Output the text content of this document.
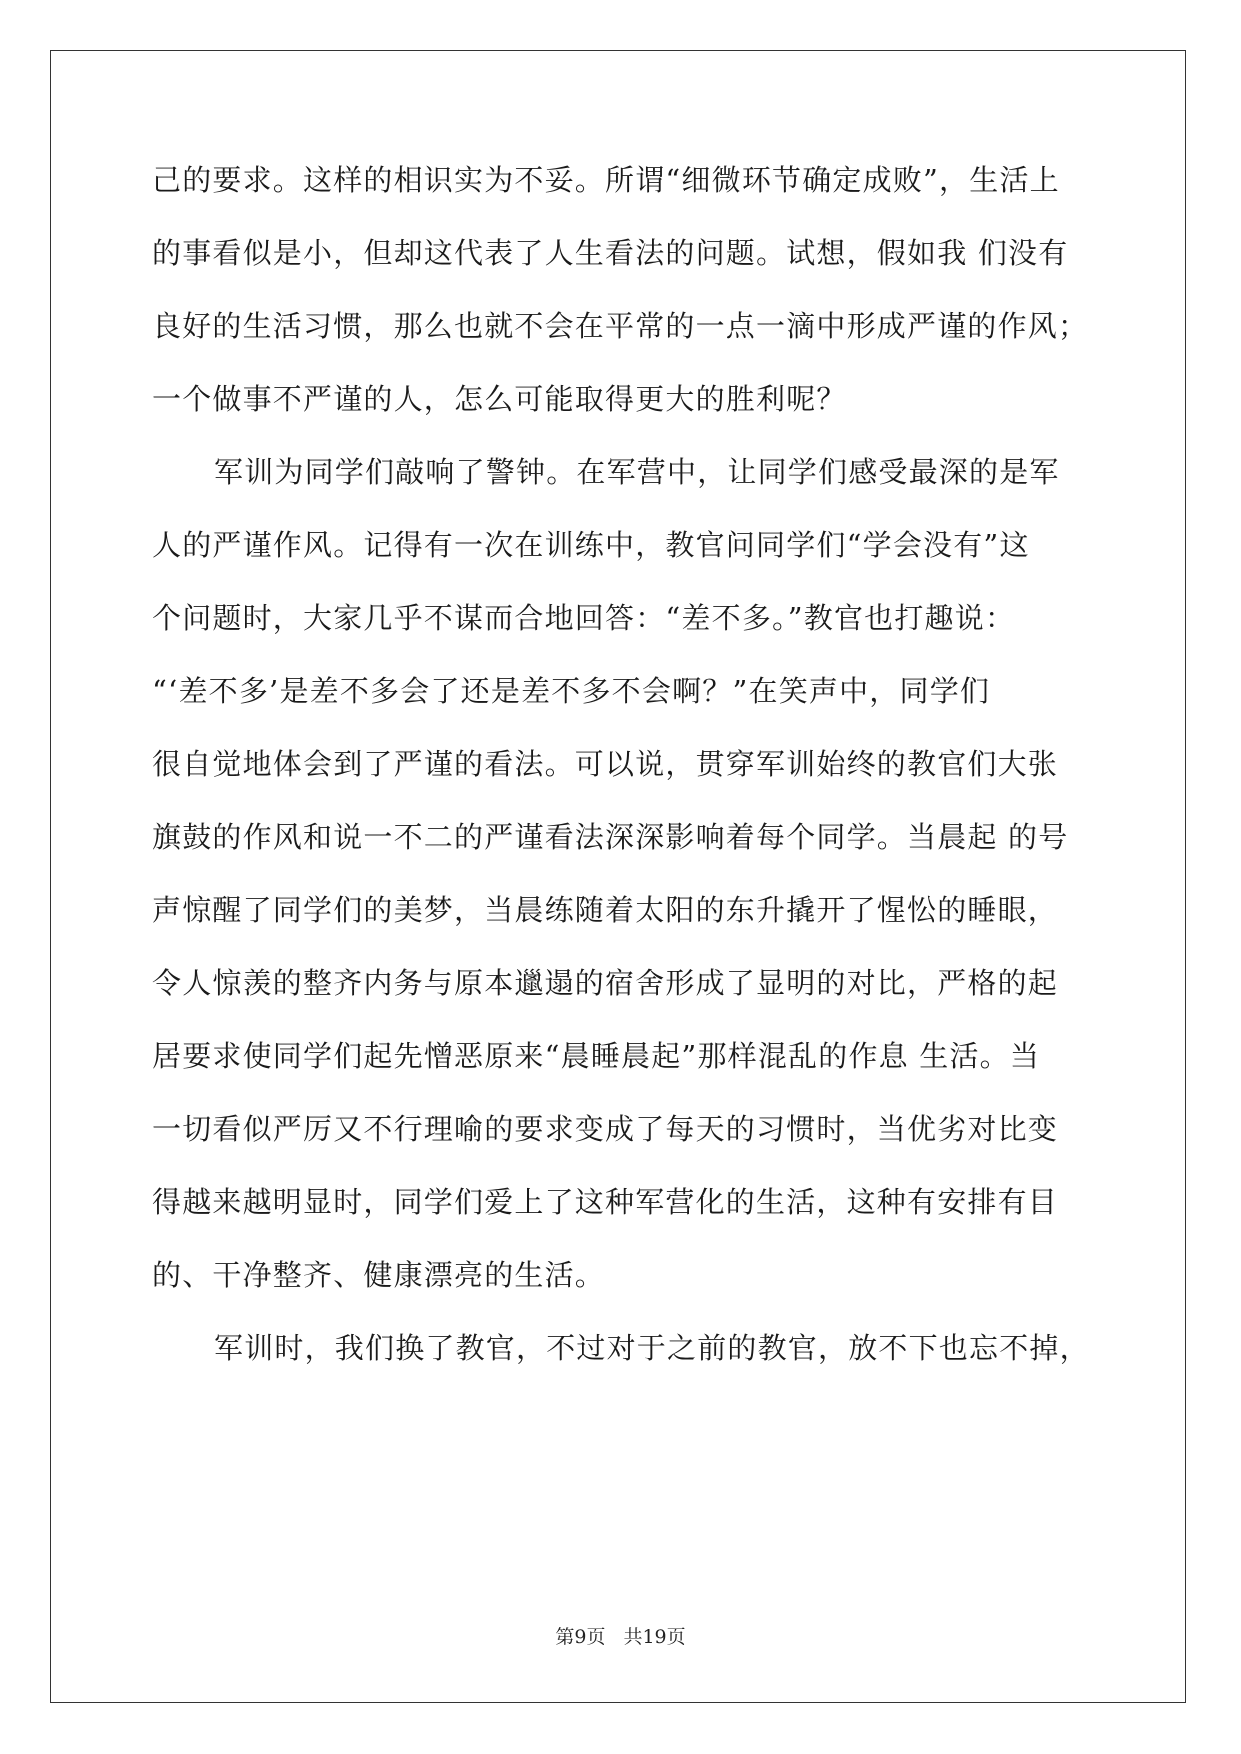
己的要求。这样的相识实为不妥。所谓“细微环节确定成败”，生活上
的事看似是小，但却这代表了人生看法的问题。试想，假如我 们没有
良好的生活习惯，那么也就不会在平常的一点一滴中形成严谨的作风；
一个做事不严谨的人，怎么可能取得更大的胜利呢？
军训为同学们敲响了警钟。在军营中，让同学们感受最深的是军
人的严谨作风。记得有一次在训练中，教官问同学们“学会没有”这
个问题时，大家几乎不谋而合地回答：“差不多。”教官也打趣说：
“‘差不多’是差不多会了还是差不多不会啊？”在笑声中，同学们
很自觉地体会到了严谨的看法。可以说，贯穿军训始终的教官们大张
旗鼓的作风和说一不二的严谨看法深深影响着每个同学。当晨起 的号
声惊醒了同学们的美梦，当晨练随着太阳的东升撬开了惺忪的睡眼，
令人惊羡的整齐内务与原本邋遢的宿舍形成了显明的对比，严格的起
居要求使同学们起先憎恶原来“晨睡晨起”那样混乱的作息 生活。当
一切看似严厉又不行理喻的要求变成了每天的习惯时，当优劣对比变
得越来越明显时，同学们爱上了这种军营化的生活，这种有安排有目
的、干净整齐、健康漂亮的生活。
军训时，我们换了教官，不过对于之前的教官，放不下也忘不掉，
第9页 共19页
